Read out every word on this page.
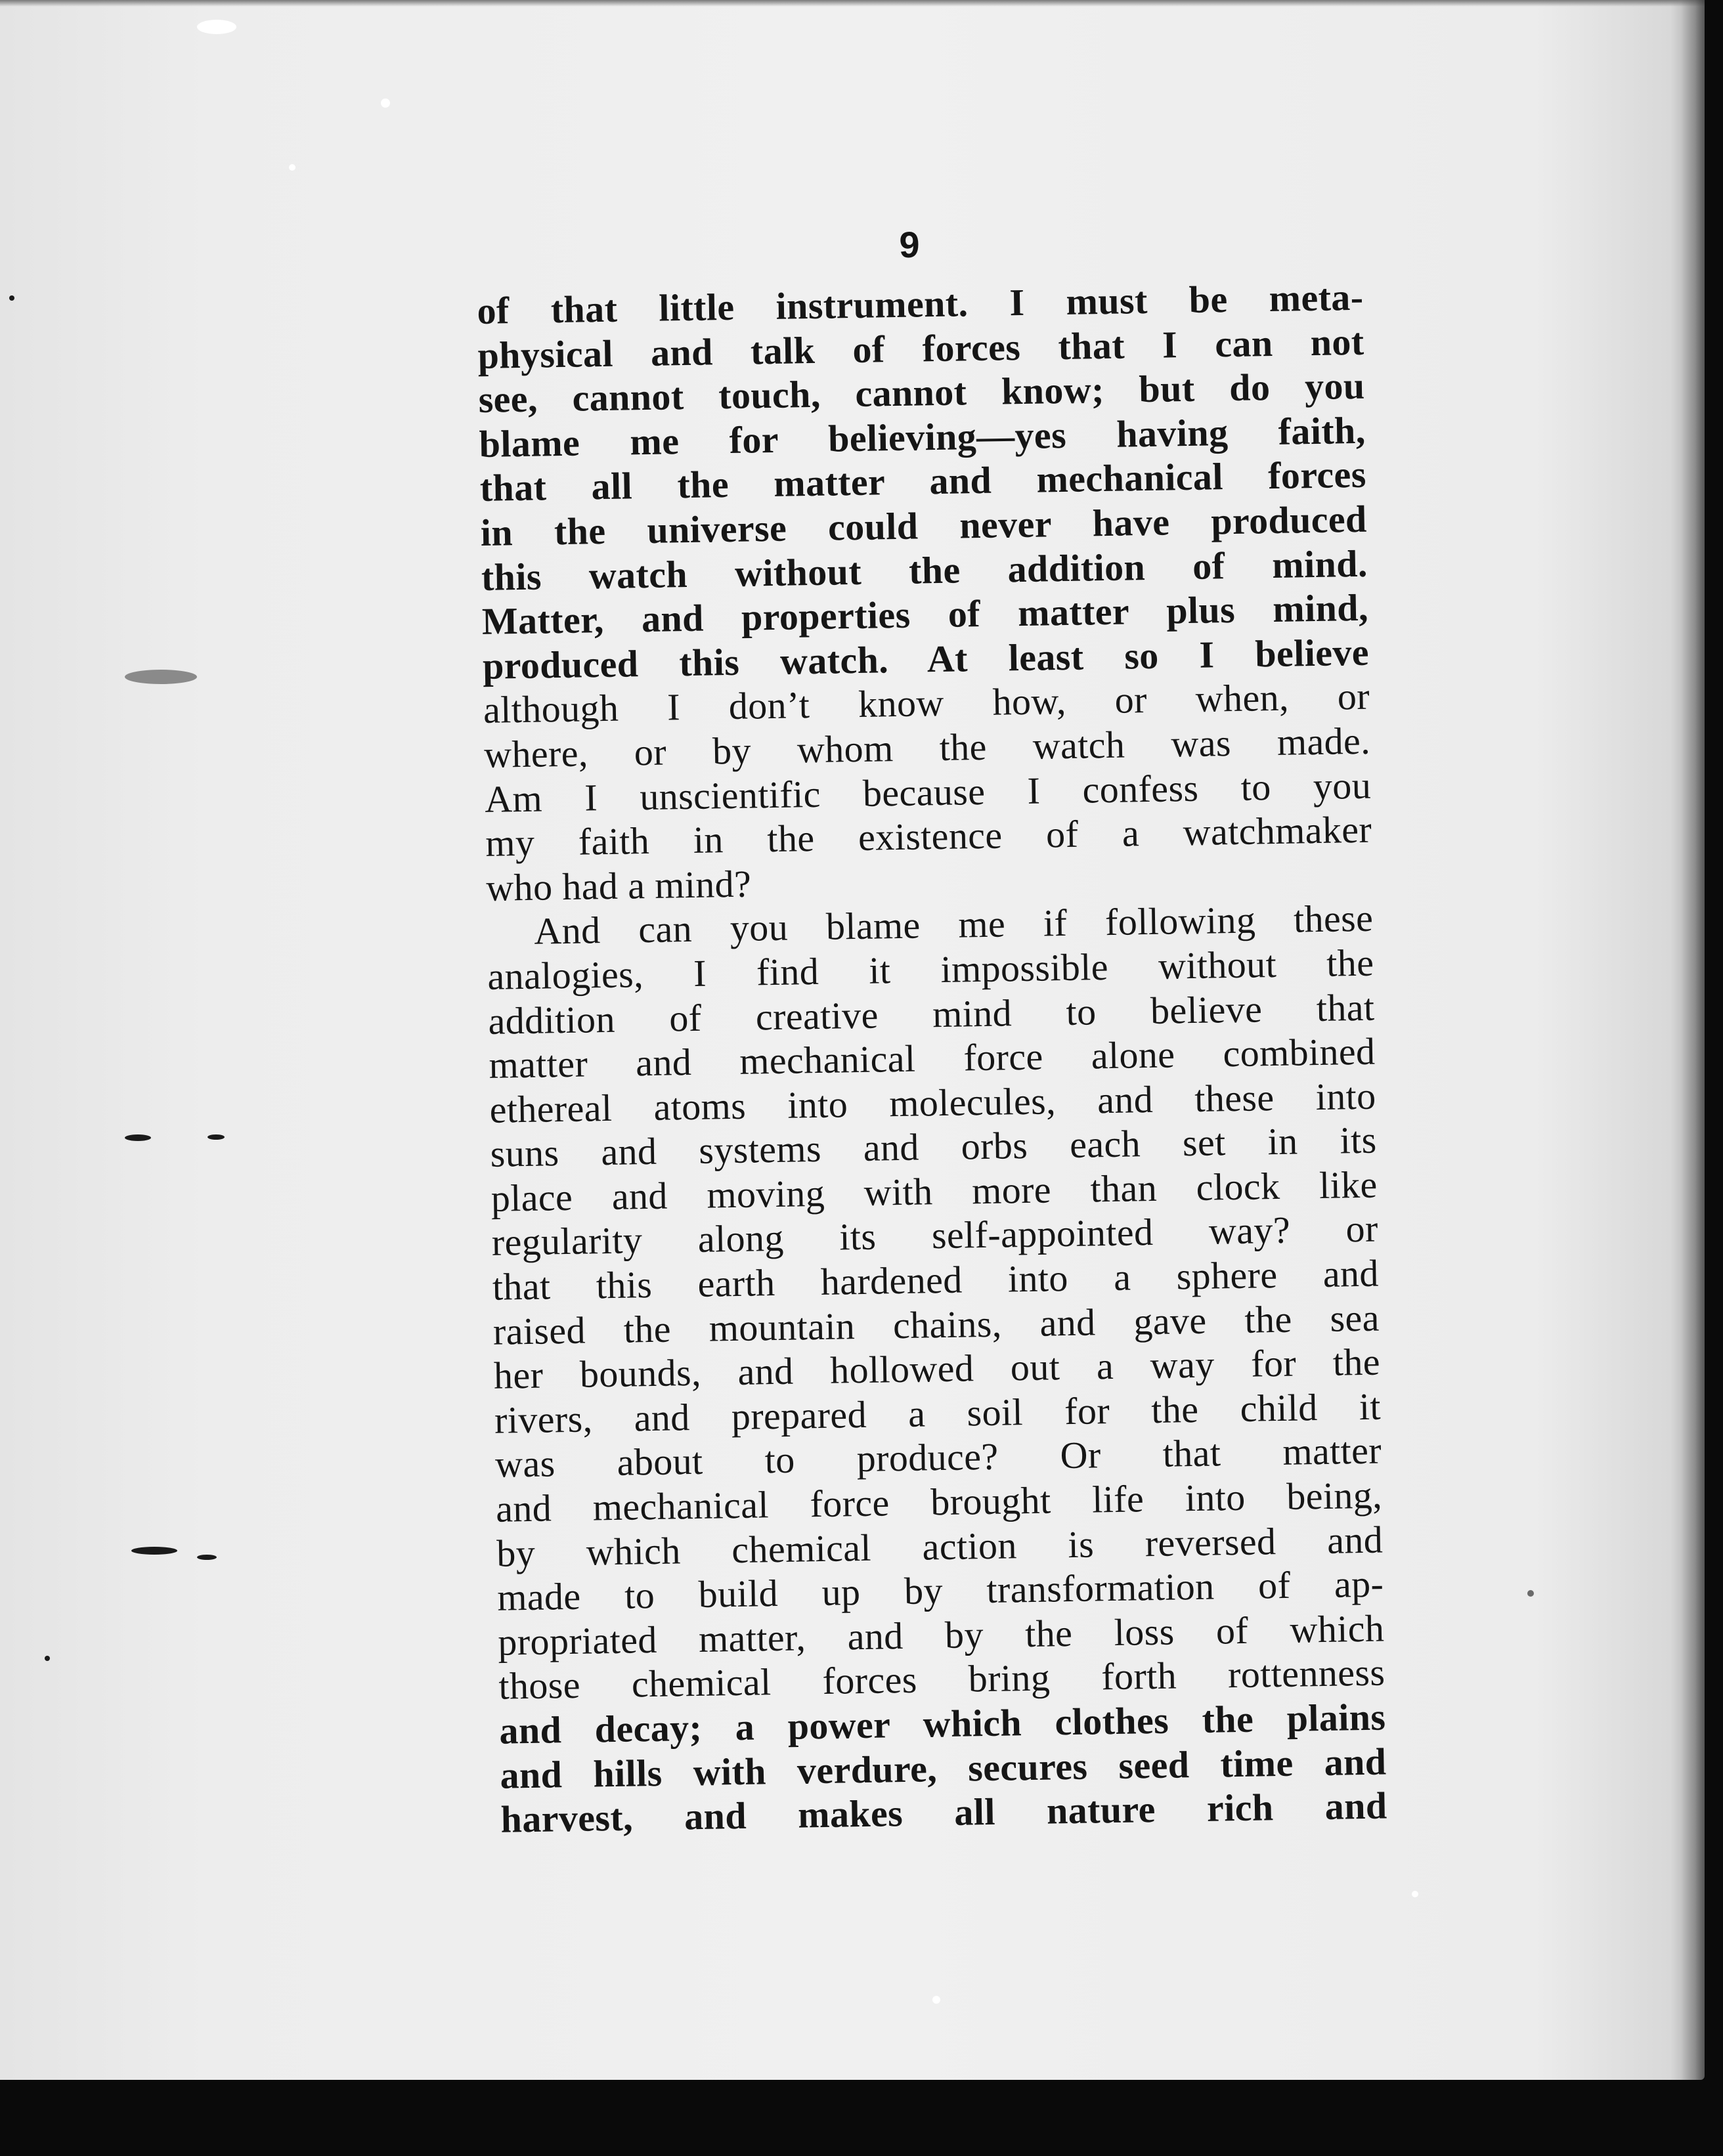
9
of that little instrument. I must be meta-
physical and talk of forces that I can not
see, cannot touch, cannot know; but do you
blame me for believing—yes having faith,
that all the matter and mechanical forces
in the universe could never have produced
this watch without the addition of mind.
Matter, and properties of matter plus mind,
produced this watch. At least so I believe
although I don’t know how, or when, or
where, or by whom the watch was made.
Am I unscientific because I confess to you
my faith in the existence of a watchmaker
who had a mind?
And can you blame me if following these
analogies, I find it impossible without the
addition of creative mind to believe that
matter and mechanical force alone combined
ethereal atoms into molecules, and these into
suns and systems and orbs each set in its
place and moving with more than clock like
regularity along its self-appointed way? or
that this earth hardened into a sphere and
raised the mountain chains, and gave the sea
her bounds, and hollowed out a way for the
rivers, and prepared a soil for the child it
was about to produce? Or that matter
and mechanical force brought life into being,
by which chemical action is reversed and
made to build up by transformation of ap-
propriated matter, and by the loss of which
those chemical forces bring forth rottenness
and decay; a power which clothes the plains
and hills with verdure, secures seed time and
harvest, and makes all nature rich and
